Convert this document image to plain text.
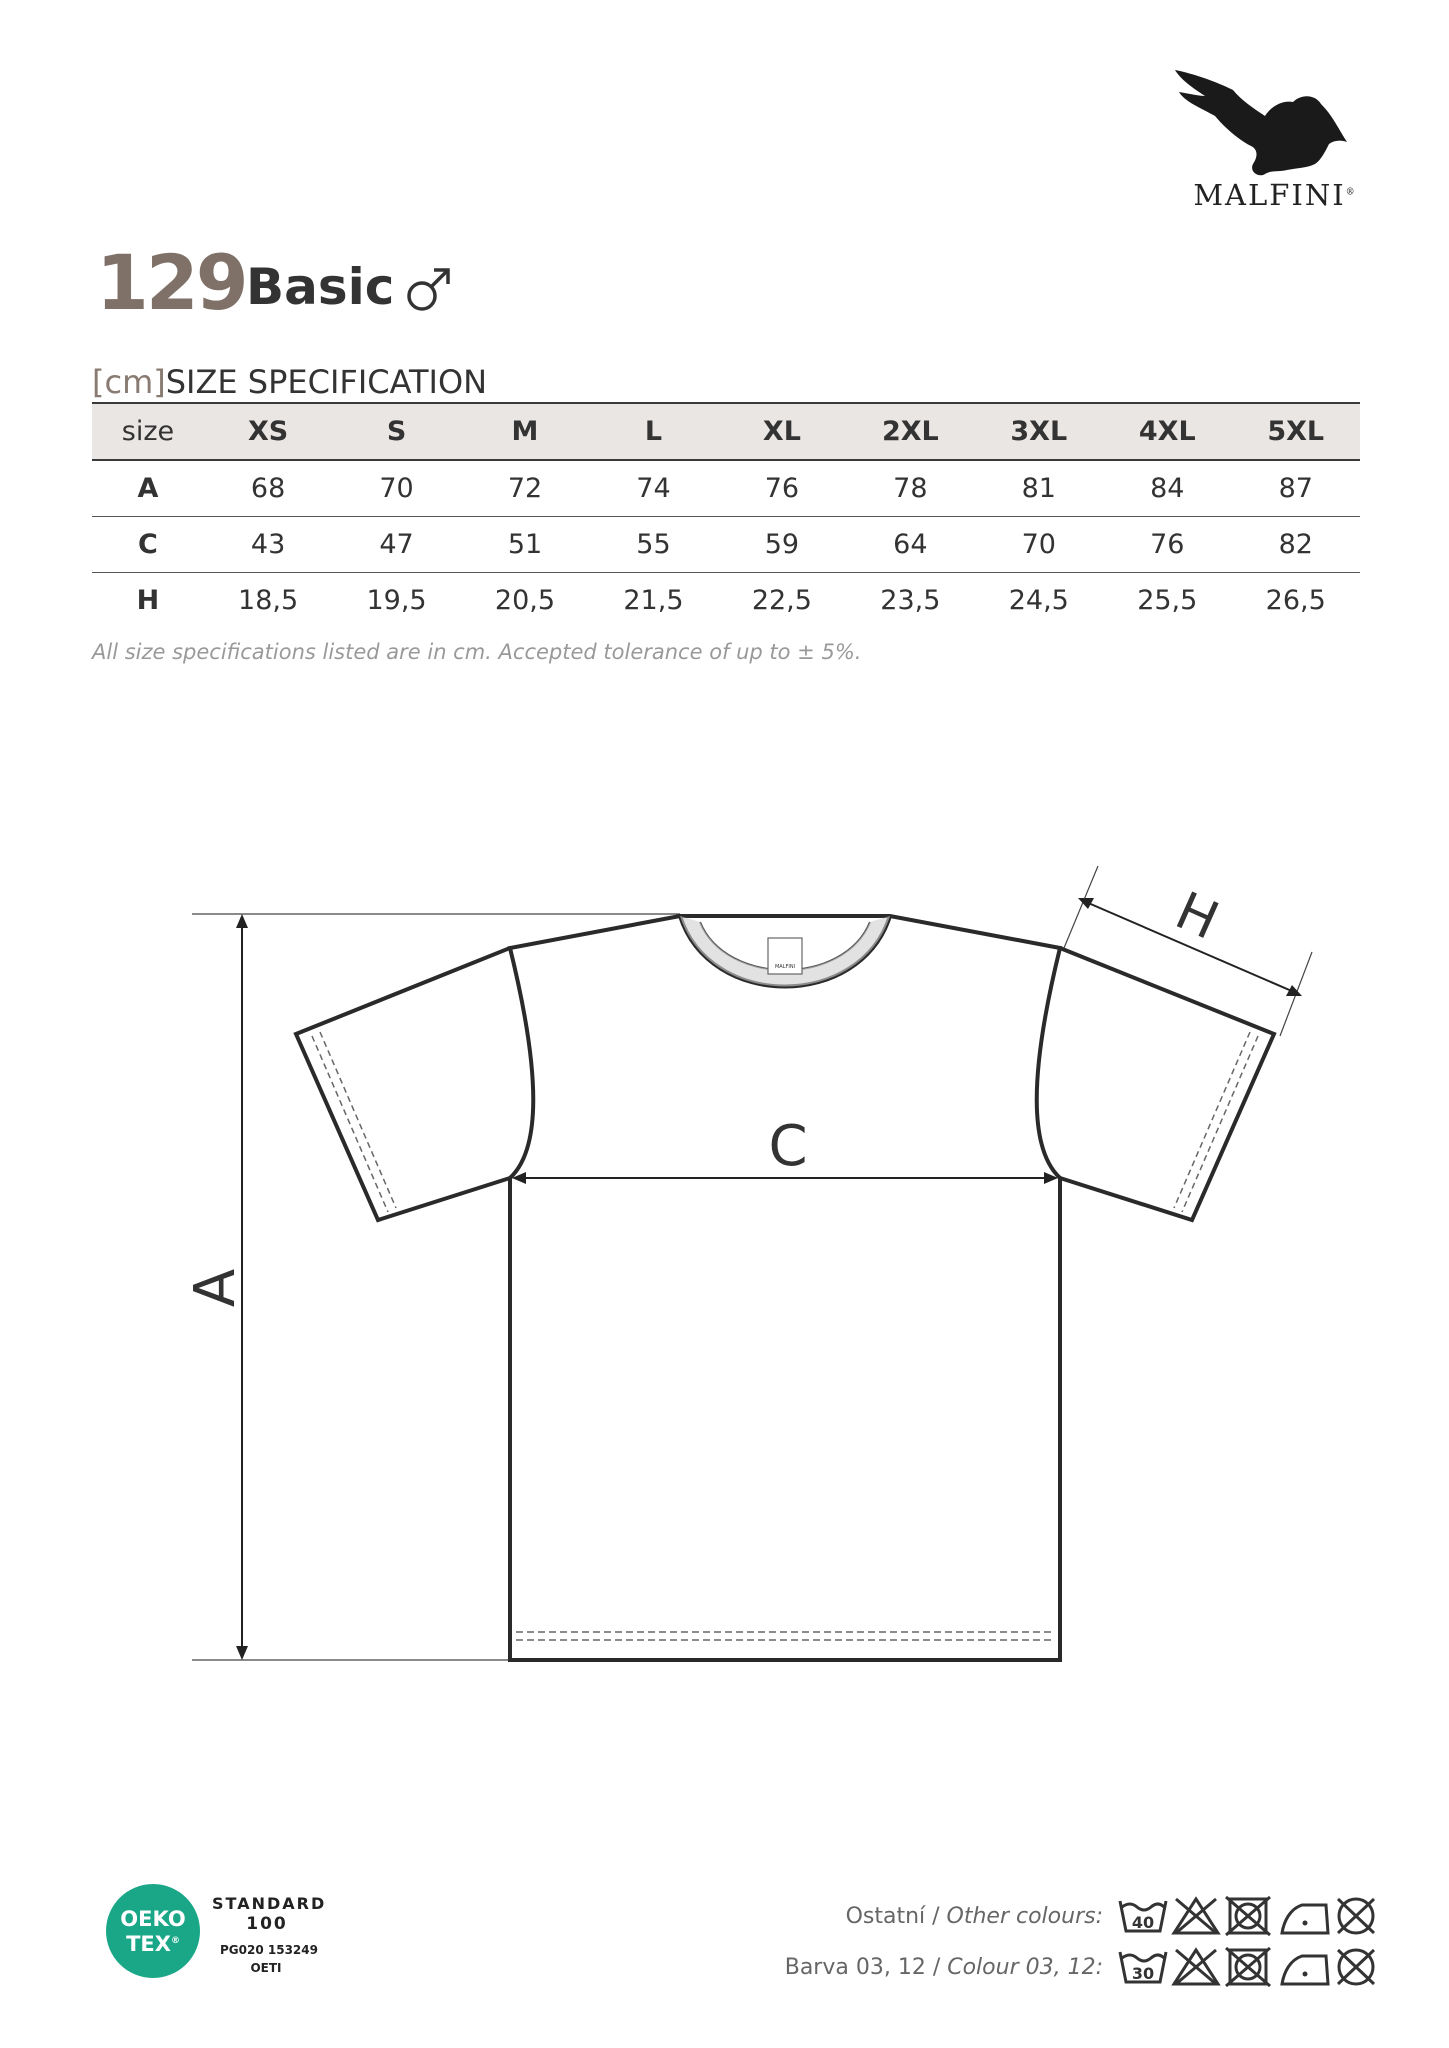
MALFINI®
129 Basic
[cm]SIZE SPECIFICATION
size	XS	S	M	L	XL	2XL	3XL	4XL	5XL
A	68	70	72	74	76	78	81	84	87
C	43	47	51	55	59	64	70	76	82
H	18,5	19,5	20,5	21,5	22,5	23,5	24,5	25,5	26,5
All size specifications listed are in cm. Accepted tolerance of up to ± 5%.
A
MALFINI
C
H
OEKO
TEX®
STANDARD
100
PG020 153249
OETI
Ostatní / Other colours: 40
Barva 03, 12 / Colour 03, 12: 30
